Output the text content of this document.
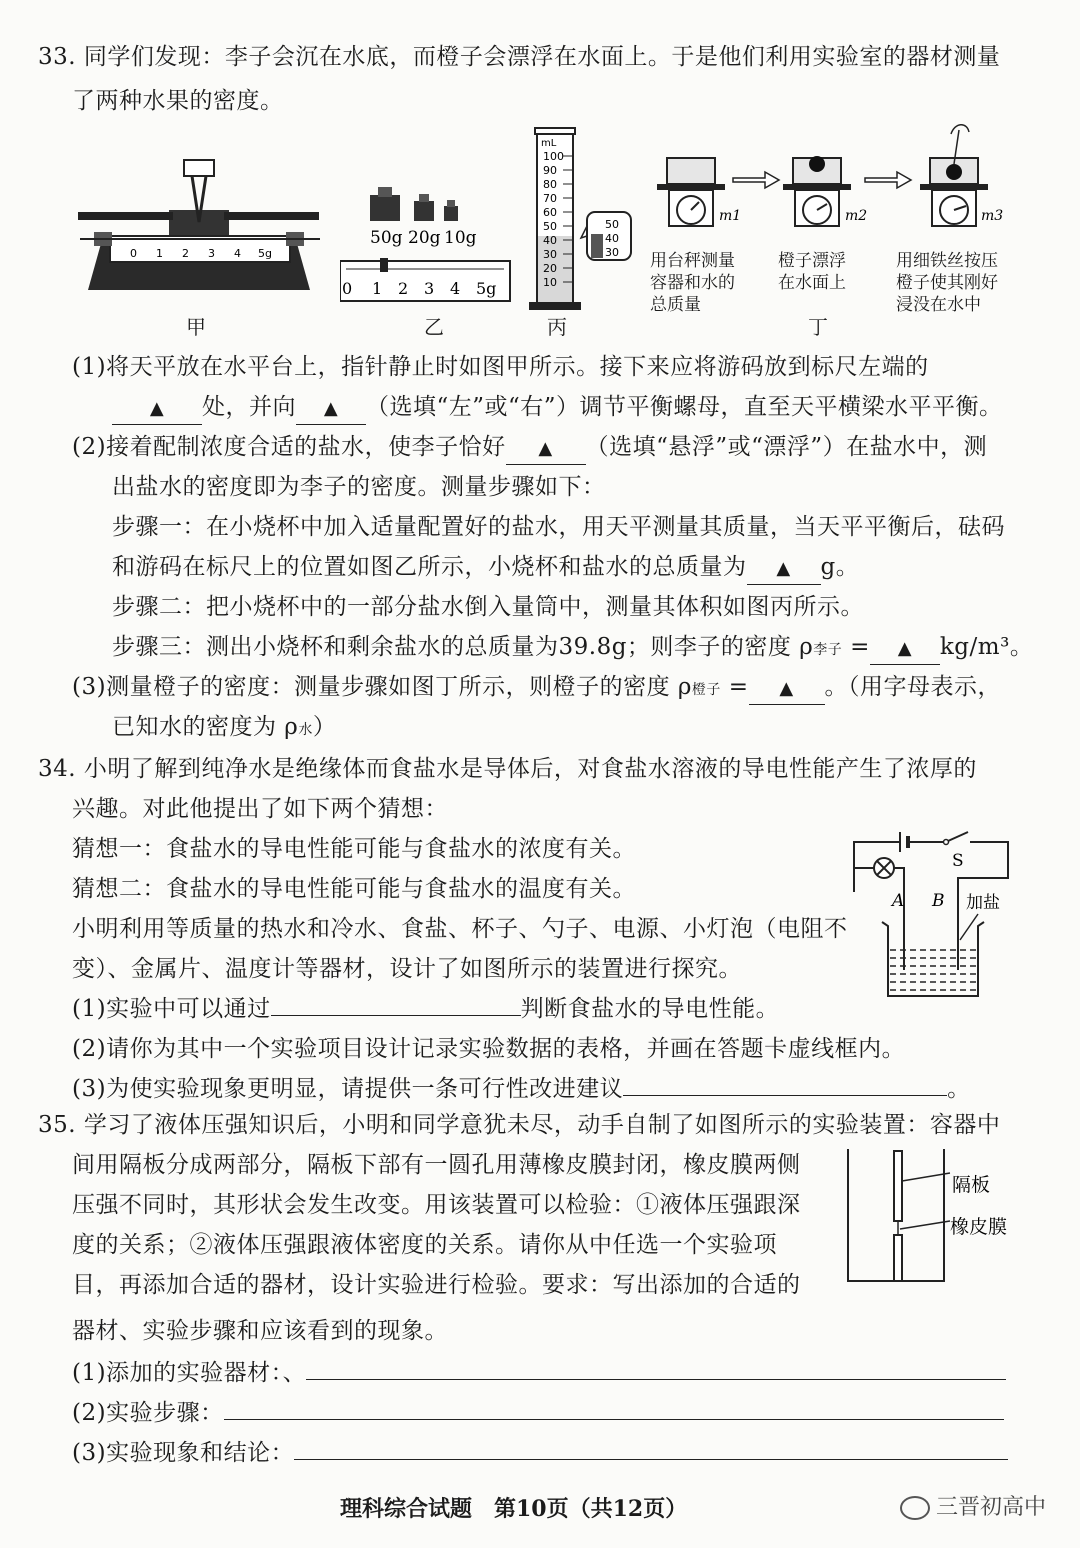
33. 同学们发现：李子会沉在水底，而橙子会漂浮在水面上。于是他们利用实验室的器材测量
了两种水果的密度。
0 1 2 3 4 5g
甲
50g 20g 10g
0 1 2 3 4 5g
乙
mL
100
90
80
70
60
50
40
30
20
10
50
40
30
丙
m1	m2	m3
用台秤测量
容器和水的
总质量
橙子漂浮
在水面上
用细铁丝按压
橙子使其刚好
浸没在水中
丁
(1)将天平放在水平台上，指针静止时如图甲所示。接下来应将游码放到标尺左端的
▲ 处，并向 ▲ （选填“左”或“右”）调节平衡螺母，直至天平横梁水平平衡。
(2)接着配制浓度合适的盐水，使李子恰好 ▲ （选填“悬浮”或“漂浮”）在盐水中，测
出盐水的密度即为李子的密度。测量步骤如下：
步骤一：在小烧杯中加入适量配置好的盐水，用天平测量其质量，当天平平衡后，砝码
和游码在标尺上的位置如图乙所示，小烧杯和盐水的总质量为 ▲ g。
步骤二：把小烧杯中的一部分盐水倒入量筒中，测量其体积如图丙所示。
步骤三：测出小烧杯和剩余盐水的总质量为39.8g；则李子的密度 ρ李子 = ▲ kg/m³。
(3)测量橙子的密度：测量步骤如图丁所示，则橙子的密度 ρ橙子 = ▲ 。（用字母表示，
已知水的密度为 ρ水）
34. 小明了解到纯净水是绝缘体而食盐水是导体后，对食盐水溶液的导电性能产生了浓厚的
兴趣。对此他提出了如下两个猜想：
猜想一：食盐水的导电性能可能与食盐水的浓度有关。
猜想二：食盐水的导电性能可能与食盐水的温度有关。
小明利用等质量的热水和冷水、食盐、杯子、勺子、电源、小灯泡（电阻不
变）、金属片、温度计等器材，设计了如图所示的装置进行探究。
(1)实验中可以通过	判断食盐水的导电性能。
(2)请你为其中一个实验项目设计记录实验数据的表格，并画在答题卡虚线框内。
(3)为使实验现象更明显，请提供一条可行性改进建议	。
S
A B 加盐
35. 学习了液体压强知识后，小明和同学意犹未尽，动手自制了如图所示的实验装置：容器中
间用隔板分成两部分，隔板下部有一圆孔用薄橡皮膜封闭，橡皮膜两侧
压强不同时，其形状会发生改变。用该装置可以检验：①液体压强跟深
度的关系；②液体压强跟液体密度的关系。请你从中任选一个实验项
目，再添加合适的器材，设计实验进行检验。要求：写出添加的合适的
器材、实验步骤和应该看到的现象。
隔板
橡皮膜
(1)添加的实验器材：、
(2)实验步骤：
(3)实验现象和结论：
理科综合试题　第10页（共12页）	三晋初高中
